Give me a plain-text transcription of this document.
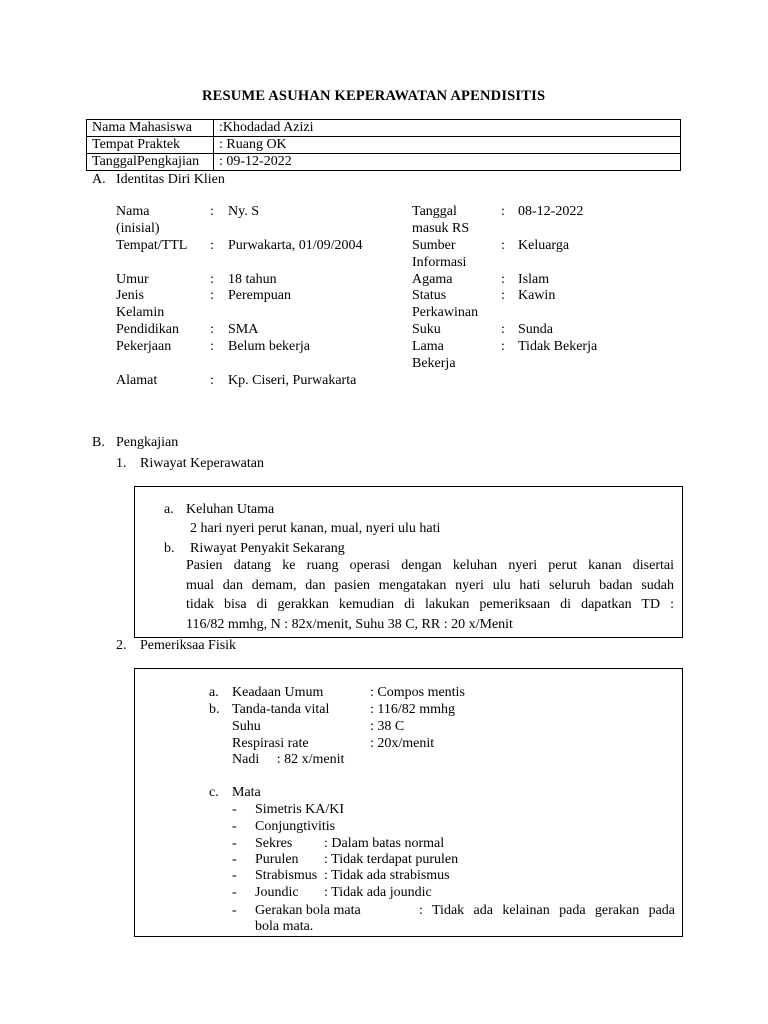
RESUME ASUHAN KEPERAWATAN APENDISITIS
Nama Mahasiswa	:Khodadad Azizi
Tempat Praktek	: Ruang OK
TanggalPengkajian	: 09-12-2022
A. Identitas Diri Klien
Nama
(inisial)
: Ny. S
Tempat/TTL : Purwakarta, 01/09/2004
Umur	: 18 tahun
Jenis
Kelamin
: Perempuan
Pendidikan : SMA
Pekerjaan	: Belum bekerja
Alamat	: Kp. Ciseri, Purwakarta
Tanggal
masuk RS
: 08-12-2022
Sumber
Informasi
: Keluarga
Agama	: Islam
Status
Perkawinan
: Kawin
Suku	: Sunda
Lama
Bekerja
: Tidak Bekerja
B. Pengkajian
1. Riwayat Keperawatan
a. Keluhan Utama
2 hari nyeri perut kanan, mual, nyeri ulu hati
b. Riwayat Penyakit Sekarang
Pasien datang ke ruang operasi dengan keluhan nyeri perut kanan disertai
mual dan demam, dan pasien mengatakan nyeri ulu hati seluruh badan sudah
tidak bisa di gerakkan kemudian di lakukan pemeriksaan di dapatkan TD :
116/82 mmhg, N : 82x/menit, Suhu 38 C, RR : 20 x/Menit
2. Pemeriksaa Fisik
a. Keadaan Umum	: Compos mentis
b. Tanda-tanda vital	: 116/82 mmhg
Suhu	: 38 C
Respirasi rate	: 20x/menit
Nadi     : 82 x/menit
c. Mata
- Simetris KA/KI
- Conjungtivitis
- Sekres : Dalam batas normal
- Purulen : Tidak terdapat purulen
- Strabismus : Tidak ada strabismus
- Joundic : Tidak ada joundic
- Gerakan bola mata	: Tidak ada kelainan pada gerakan pada
bola mata.
